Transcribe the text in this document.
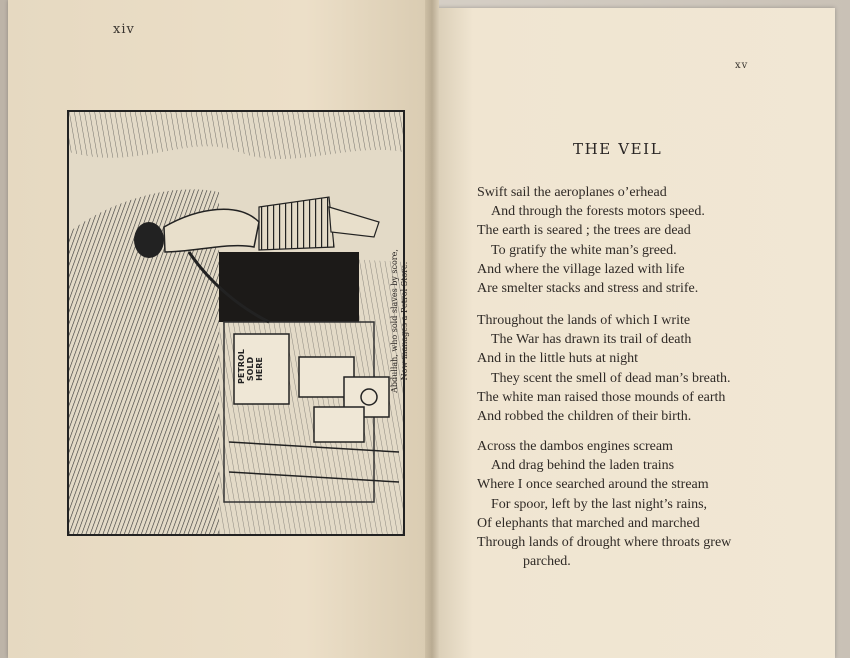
xiv
xv
PETROL SOLD HERE	Abdullah, who sold slaves by score, Now manages a Petrol Store.
THE VEIL
Swift sail the aeroplanes o’erhead
And through the forests motors speed.
The earth is seared ; the trees are dead
To gratify the white man’s greed.
And where the village lazed with life
Are smelter stacks and stress and strife.
Throughout the lands of which I write
The War has drawn its trail of death
And in the little huts at night
They scent the smell of dead man’s breath.
The white man raised those mounds of earth
And robbed the children of their birth.
Across the dambos engines scream
And drag behind the laden trains
Where I once searched around the stream
For spoor, left by the last night’s rains,
Of elephants that marched and marched
Through lands of drought where throats grew
parched.
